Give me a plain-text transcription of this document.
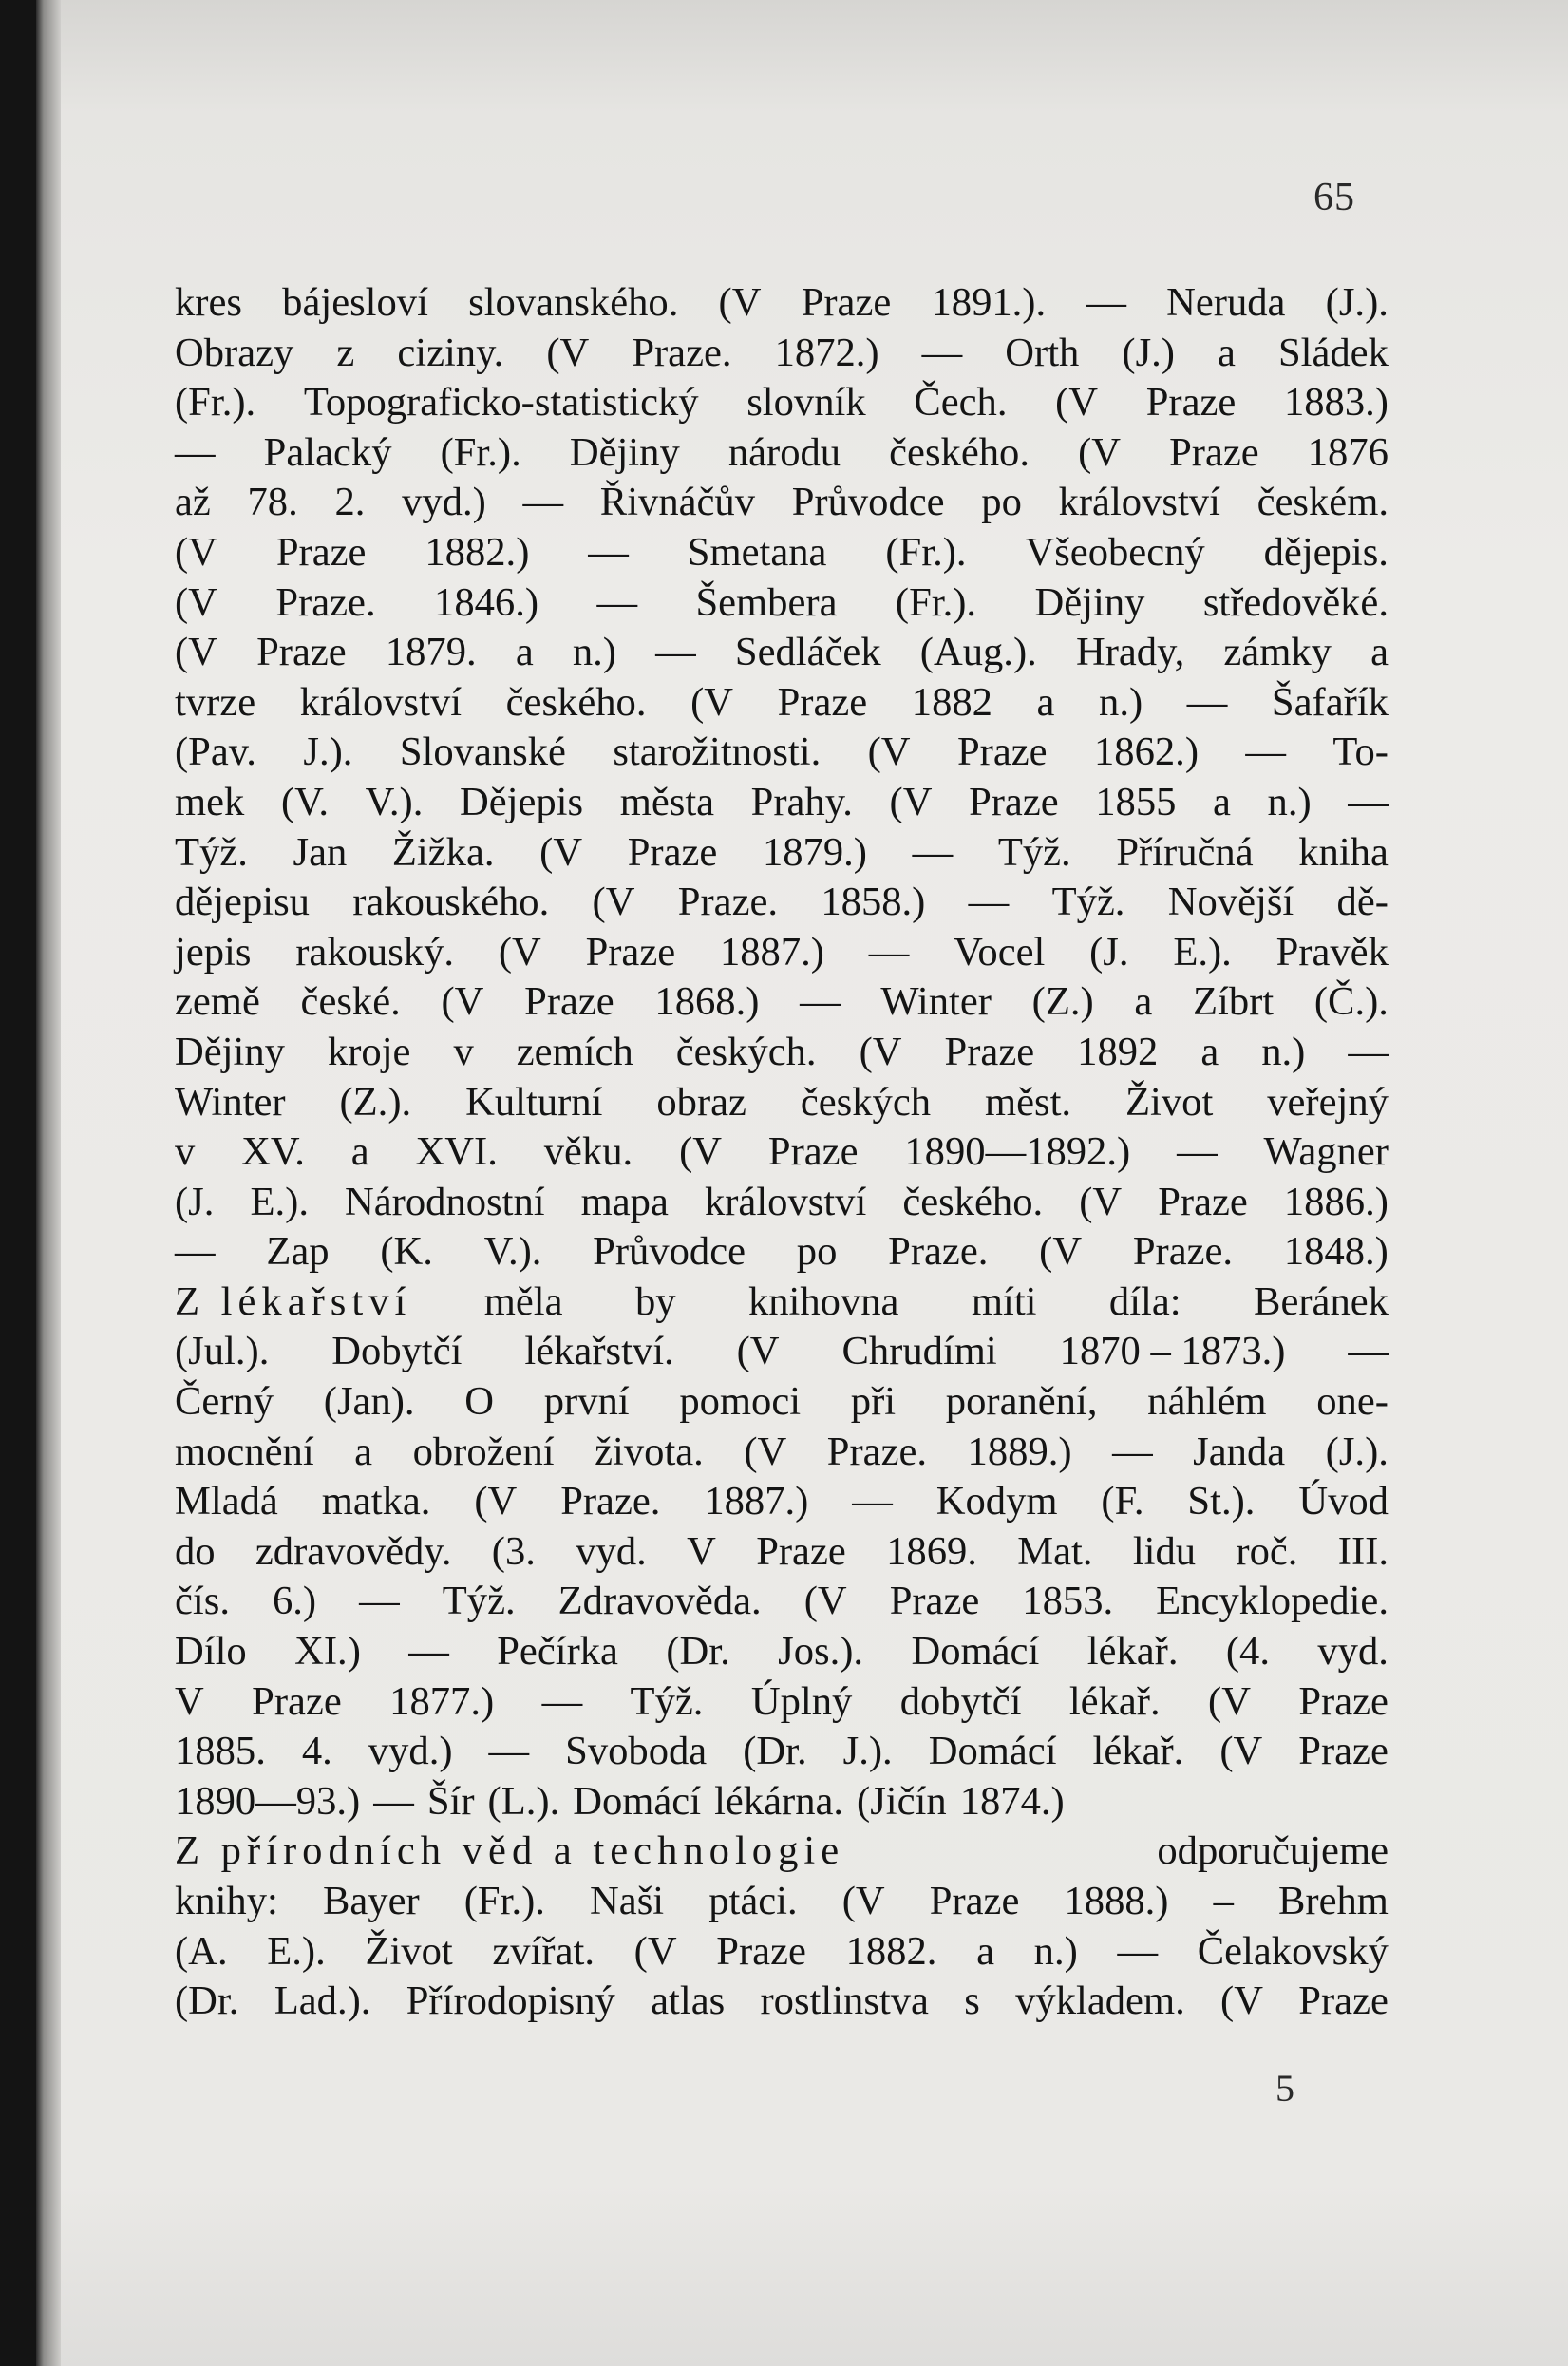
65
kres bájesloví slovanského. (V Praze 1891.). — Neruda (J.).
Obrazy z ciziny. (V Praze. 1872.) — Orth (J.) a Sládek
(Fr.). Topograficko-statistický slovník Čech. (V Praze 1883.)
— Palacký (Fr.). Dějiny národu českého. (V Praze 1876
až 78. 2. vyd.) — Řivnáčův Průvodce po království českém.
(V Praze 1882.) — Smetana (Fr.). Všeobecný dějepis.
(V Praze. 1846.) — Šembera (Fr.). Dějiny středověké.
(V Praze 1879. a n.) — Sedláček (Aug.). Hrady, zámky a
tvrze království českého. (V Praze 1882 a n.) — Šafařík
(Pav. J.). Slovanské starožitnosti. (V Praze 1862.) — To-
mek (V. V.). Dějepis města Prahy. (V Praze 1855 a n.) —
Týž. Jan Žižka. (V Praze 1879.) — Týž. Příručná kniha
dějepisu rakouského. (V Praze. 1858.) — Týž. Novější dě-
jepis rakouský. (V Praze 1887.) — Vocel (J. E.). Pravěk
země české. (V Praze 1868.) — Winter (Z.) a Zíbrt (Č.).
Dějiny kroje v zemích českých. (V Praze 1892 a n.) —
Winter (Z.). Kulturní obraz českých měst. Život veřejný
v XV. a XVI. věku. (V Praze 1890—1892.) — Wagner
(J. E.). Národnostní mapa království českého. (V Praze 1886.)
— Zap (K. V.). Průvodce po Praze. (V Praze. 1848.)
Z lékařství měla by knihovna míti díla: Beránek
(Jul.). Dobytčí lékařství. (V Chrudími 1870 – 1873.) —
Černý (Jan). O první pomoci při poranění, náhlém one-
mocnění a obrožení života. (V Praze. 1889.) — Janda (J.).
Mladá matka. (V Praze. 1887.) — Kodym (F. St.). Úvod
do zdravovědy. (3. vyd. V Praze 1869. Mat. lidu roč. III.
čís. 6.) — Týž. Zdravověda. (V Praze 1853. Encyklopedie.
Dílo XI.) — Pečírka (Dr. Jos.). Domácí lékař. (4. vyd.
V Praze 1877.) — Týž. Úplný dobytčí lékař. (V Praze
1885. 4. vyd.) — Svoboda (Dr. J.). Domácí lékař. (V Praze
1890—93.) — Šír (L.). Domácí lékárna. (Jičín 1874.)
Z přírodních věd a technologie	odporučujeme
knihy: Bayer (Fr.). Naši ptáci. (V Praze 1888.) – Brehm
(A. E.). Život zvířat. (V Praze 1882. a n.) — Čelakovský
(Dr. Lad.). Přírodopisný atlas rostlinstva s výkladem. (V Praze
5
